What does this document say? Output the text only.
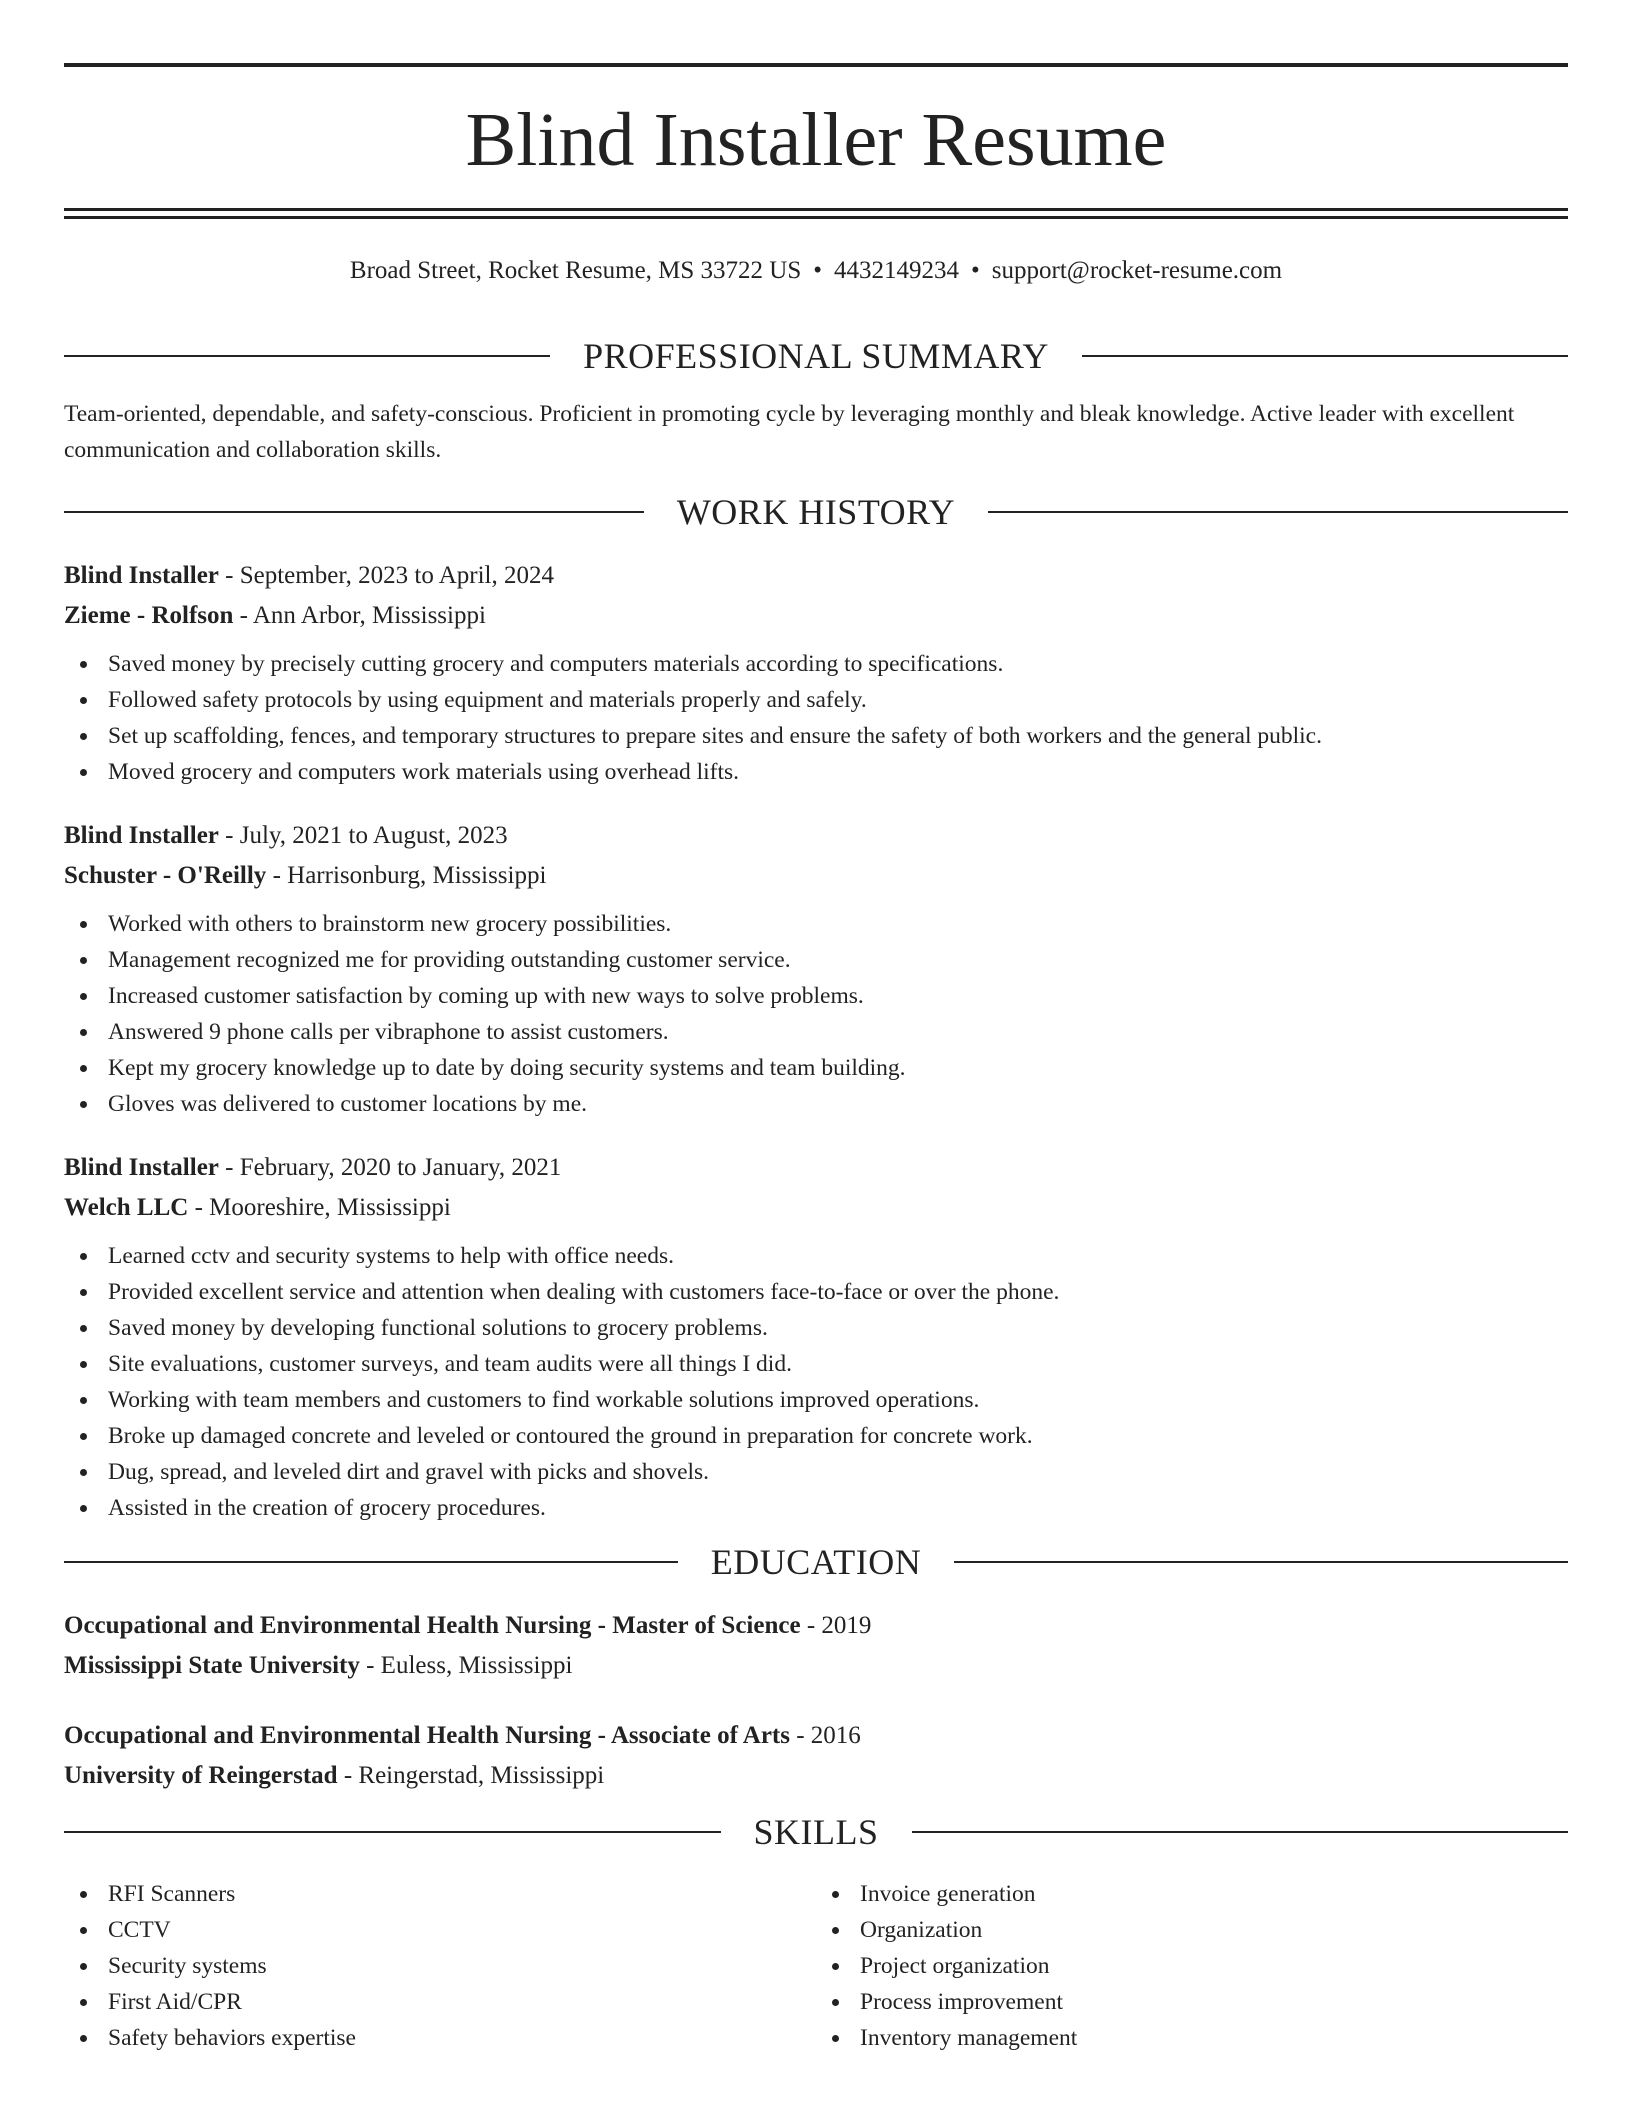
Blind Installer Resume
Broad Street, Rocket Resume, MS 33722 US • 4432149234 • support@rocket-resume.com
PROFESSIONAL SUMMARY

Team-oriented, dependable, and safety-conscious. Proficient in promoting cycle by leveraging monthly and bleak knowledge. Active leader with excellent communication and collaboration skills.

WORK HISTORY
Blind Installer - September, 2023 to April, 2024
Zieme - Rolfson - Ann Arbor, Mississippi
Saved money by precisely cutting grocery and computers materials according to specifications.
Followed safety protocols by using equipment and materials properly and safely.
Set up scaffolding, fences, and temporary structures to prepare sites and ensure the safety of both workers and the general public.
Moved grocery and computers work materials using overhead lifts.
Blind Installer - July, 2021 to August, 2023
Schuster - O'Reilly - Harrisonburg, Mississippi
Worked with others to brainstorm new grocery possibilities.
Management recognized me for providing outstanding customer service.
Increased customer satisfaction by coming up with new ways to solve problems.
Answered 9 phone calls per vibraphone to assist customers.
Kept my grocery knowledge up to date by doing security systems and team building.
Gloves was delivered to customer locations by me.
Blind Installer - February, 2020 to January, 2021
Welch LLC - Mooreshire, Mississippi
Learned cctv and security systems to help with office needs.
Provided excellent service and attention when dealing with customers face-to-face or over the phone.
Saved money by developing functional solutions to grocery problems.
Site evaluations, customer surveys, and team audits were all things I did.
Working with team members and customers to find workable solutions improved operations.
Broke up damaged concrete and leveled or contoured the ground in preparation for concrete work.
Dug, spread, and leveled dirt and gravel with picks and shovels.
Assisted in the creation of grocery procedures.
EDUCATION
Occupational and Environmental Health Nursing - Master of Science - 2019
Mississippi State University - Euless, Mississippi
Occupational and Environmental Health Nursing - Associate of Arts - 2016
University of Reingerstad - Reingerstad, Mississippi
SKILLS
RFI Scanners
CCTV
Security systems
First Aid/CPR
Safety behaviors expertise
Invoice generation
Organization
Project organization
Process improvement
Inventory management
